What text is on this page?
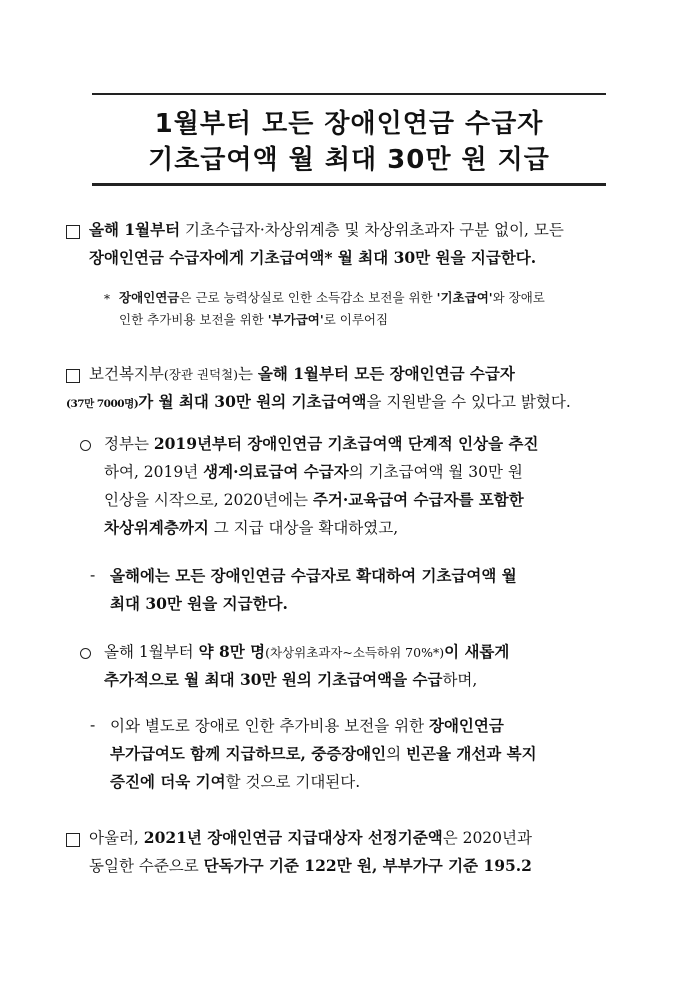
1월부터 모든 장애인연금 수급자
기초급여액 월 최대 30만 원 지급
올해 1월부터 기초수급자·차상위계층 및 차상위초과자 구분 없이, 모든
장애인연금 수급자에게 기초급여액* 월 최대 30만 원을 지급한다.
* 장애인연금은 근로 능력상실로 인한 소득감소 보전을 위한 '기초급여'와 장애로
인한 추가비용 보전을 위한 '부가급여'로 이루어짐
보건복지부(장관 권덕철)는 올해 1월부터 모든 장애인연금 수급자
(37만 7000명)가 월 최대 30만 원의 기초급여액을 지원받을 수 있다고 밝혔다.
정부는 2019년부터 장애인연금 기초급여액 단계적 인상을 추진
하여, 2019년 생계·의료급여 수급자의 기초급여액 월 30만 원
인상을 시작으로, 2020년에는 주거·교육급여 수급자를 포함한
차상위계층까지 그 지급 대상을 확대하였고,
- 올해에는 모든 장애인연금 수급자로 확대하여 기초급여액 월
최대 30만 원을 지급한다.
올해 1월부터 약 8만 명(차상위초과자~소득하위 70%*)이 새롭게
추가적으로 월 최대 30만 원의 기초급여액을 수급하며,
- 이와 별도로 장애로 인한 추가비용 보전을 위한 장애인연금
부가급여도 함께 지급하므로, 중증장애인의 빈곤율 개선과 복지
증진에 더욱 기여할 것으로 기대된다.
아울러, 2021년 장애인연금 지급대상자 선정기준액은 2020년과
동일한 수준으로 단독가구 기준 122만 원, 부부가구 기준 195.2
